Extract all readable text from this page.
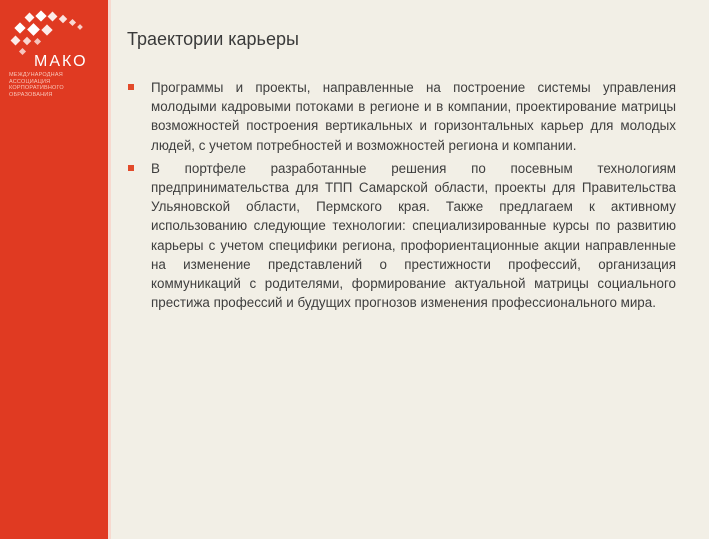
МАКО
МЕЖДУНАРОДНАЯ АССОЦИАЦИЯ КОРПОРАТИВНОГО ОБРАЗОВАНИЯ
Траектории карьеры
Программы и проекты, направленные на построение системы управления молодыми кадровыми потоками в регионе и в компании, проектирование матрицы возможностей построения вертикальных и горизонтальных карьер для молодых людей, с учетом потребностей и возможностей региона и компании.
В портфеле разработанные решения по посевным технологиям предпринимательства для ТПП Самарской области, проекты для Правительства Ульяновской области, Пермского края. Также предлагаем к активному использованию следующие технологии: специализированные курсы по развитию карьеры с учетом специфики региона, профориентационные акции направленные на изменение представлений о престижности профессий, организация коммуникаций с родителями, формирование актуальной матрицы социального престижа профессий и будущих прогнозов изменения профессионального мира.
